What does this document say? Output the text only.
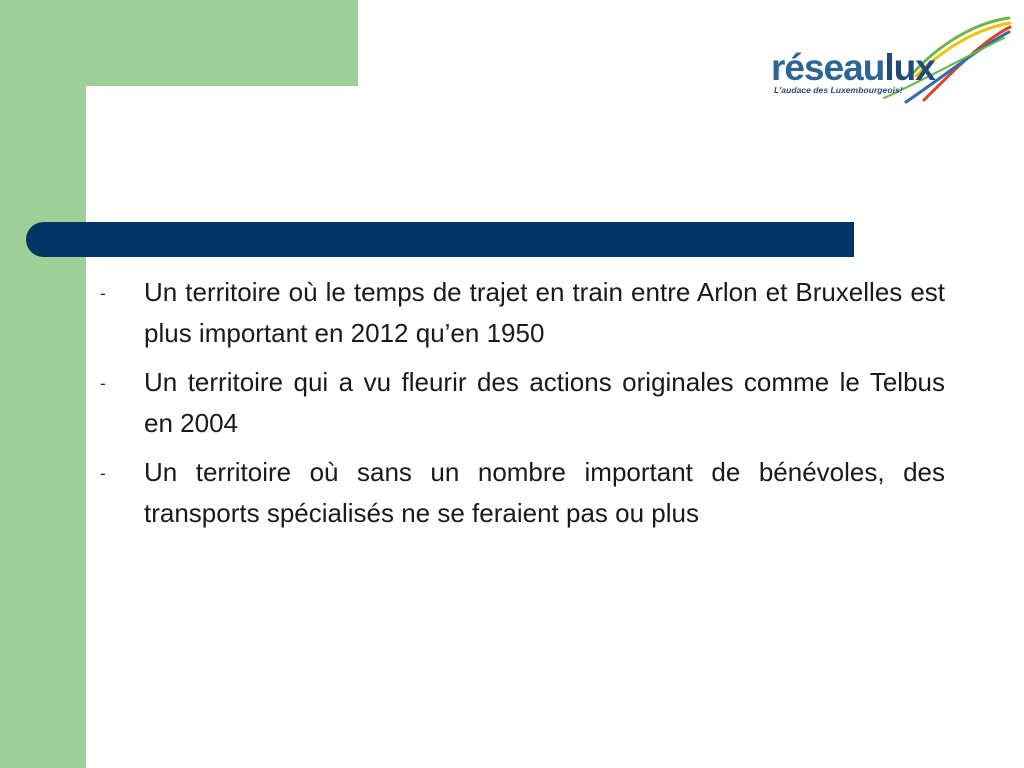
réseaulux
L'audace des Luxembourgeois!
- Un territoire où le temps de trajet en train entre Arlon et Bruxelles est plus important en 2012 qu’en 1950
- Un territoire qui a vu fleurir des actions originales comme le Telbus en 2004
- Un territoire où sans un nombre important de bénévoles, des transports spécialisés ne se feraient pas ou plus
